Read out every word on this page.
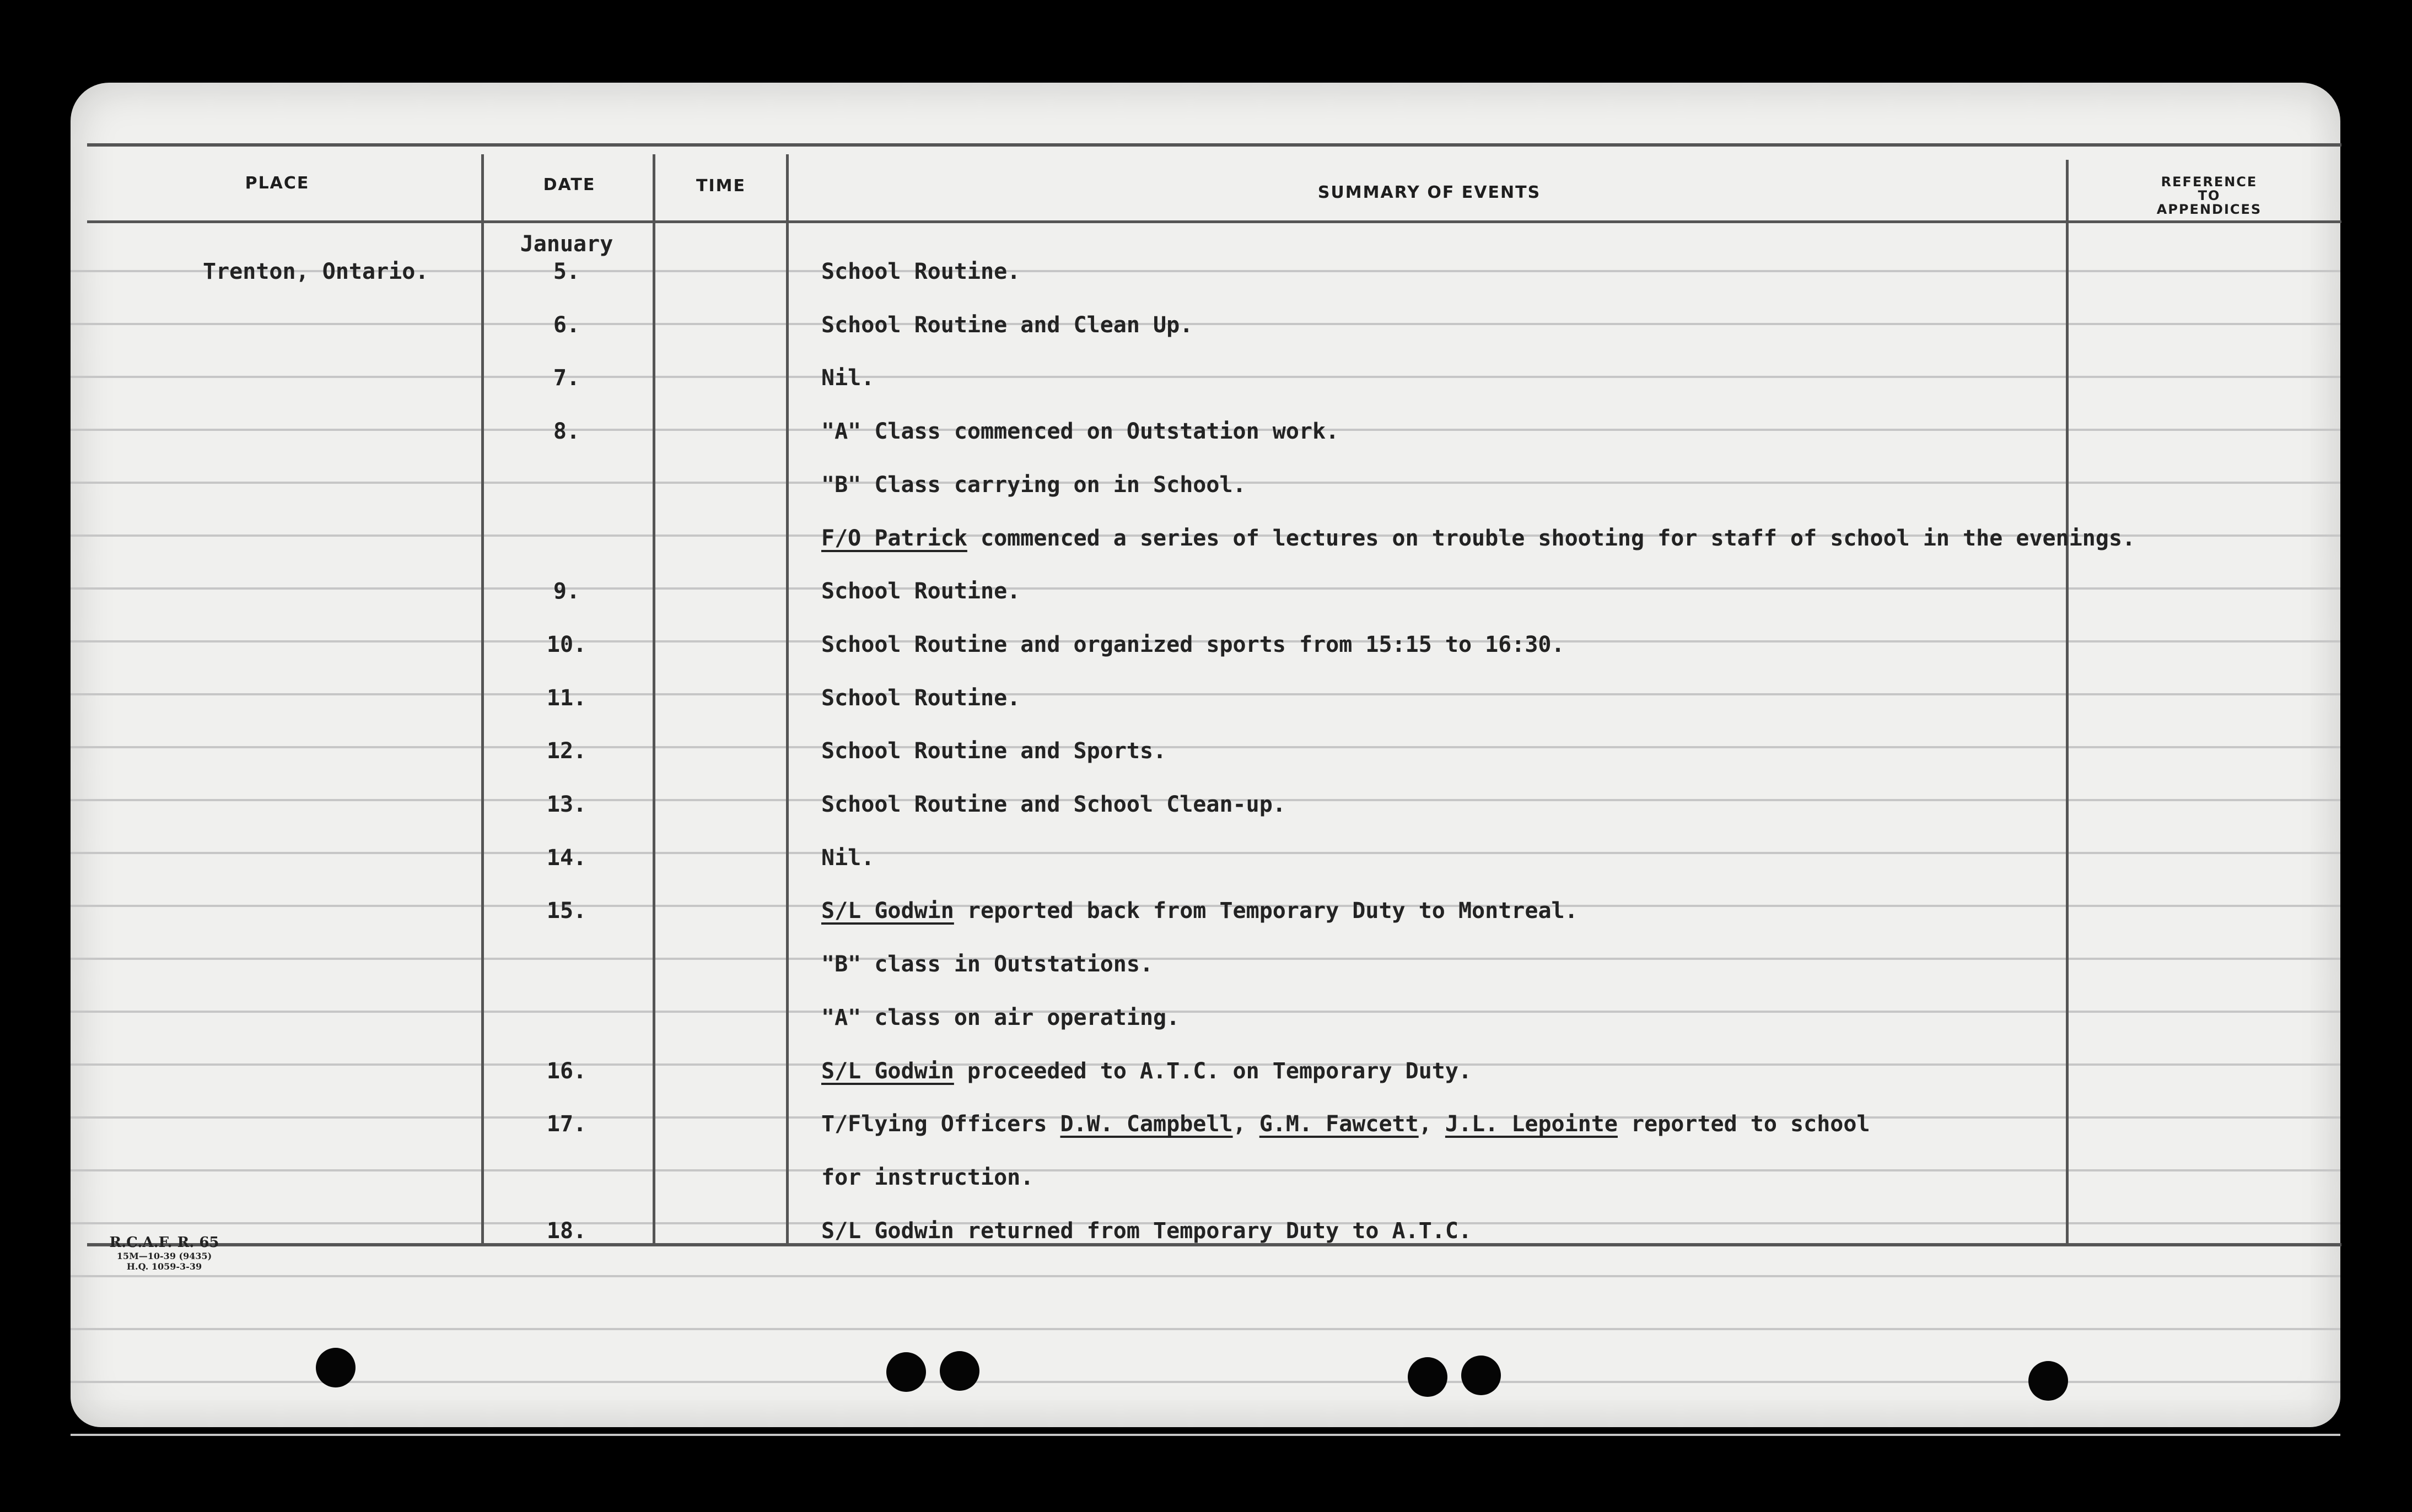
PLACE	DATE	TIME	SUMMARY OF EVENTS
REFERENCE
TO
APPENDICES
January
Trenton, Ontario.	5.	School Routine.
6.	School Routine and Clean Up.
7.	Nil.
8.	"A" Class commenced on Outstation work.
"B" Class carrying on in School.
F/O Patrick commenced a series of lectures on trouble shooting for staff of school in the evenings.
9.	School Routine.
10.	School Routine and organized sports from 15:15 to 16:30.
11.	School Routine.
12.	School Routine and Sports.
13.	School Routine and School Clean-up.
14.	Nil.
15.	S/L Godwin reported back from Temporary Duty to Montreal.
"B" class in Outstations.
"A" class on air operating.
16.	S/L Godwin proceeded to A.T.C. on Temporary Duty.
17.	T/Flying Officers D.W. Campbell, G.M. Fawcett, J.L. Lepointe reported to school
for instruction.
18.	S/L Godwin returned from Temporary Duty to A.T.C.
R.C.A.F. R. 65
15M—10-39 (9435)
H.Q. 1059-3-39
